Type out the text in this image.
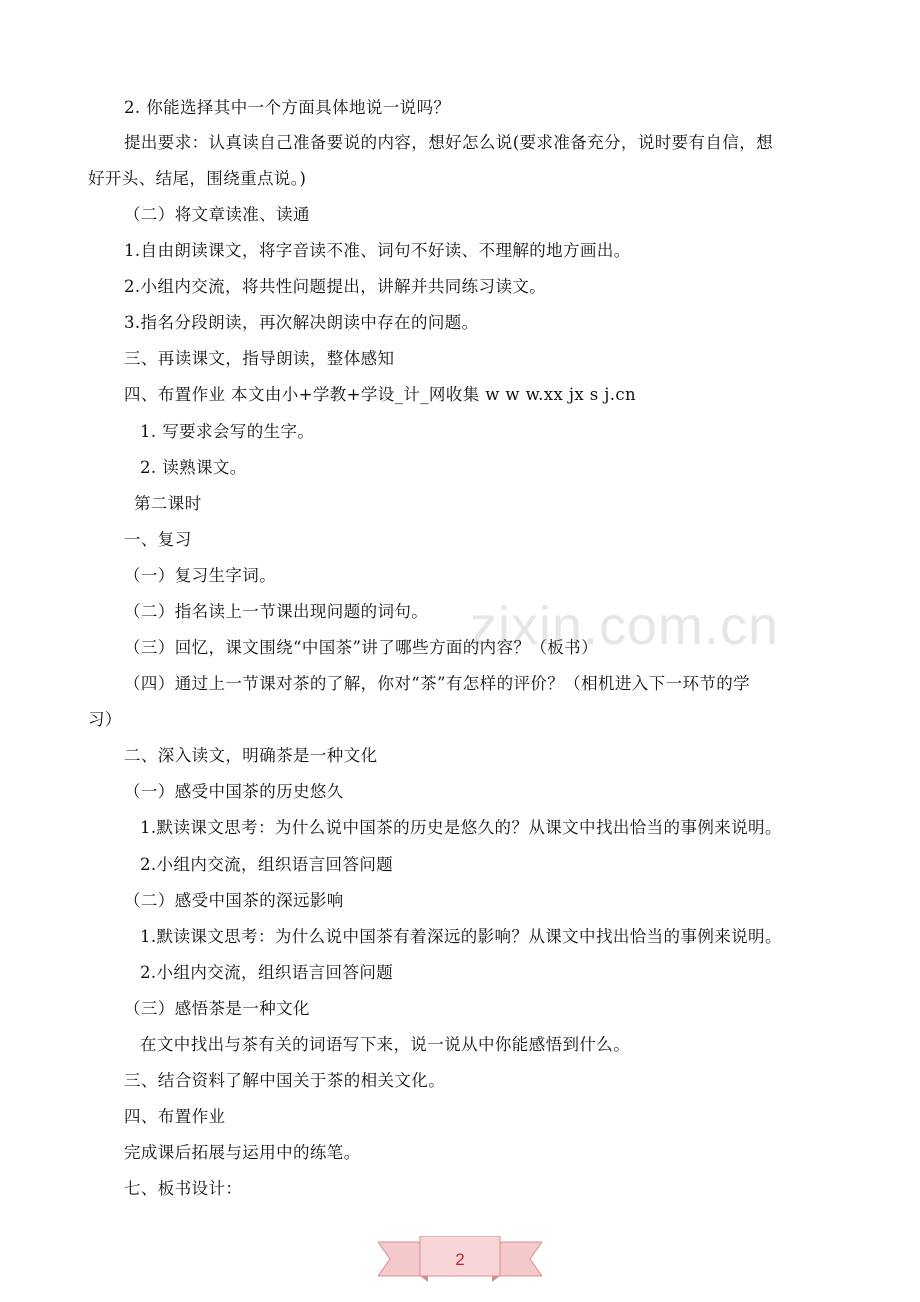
zixin.com.cn
2. 你能选择其中一个方面具体地说一说吗？
提出要求：认真读自己准备要说的内容，想好怎么说(要求准备充分，说时要有自信，想
好开头、结尾，围绕重点说。)
（二）将文章读准、读通
1.自由朗读课文，将字音读不准、词句不好读、不理解的地方画出。
2.小组内交流，将共性问题提出，讲解并共同练习读文。
3.指名分段朗读，再次解决朗读中存在的问题。
三、再读课文，指导朗读，整体感知
四、布置作业 本文由小+学教+学设_计_网收集 w w w.xx jx s j.cn
1. 写要求会写的生字。
2. 读熟课文。
第二课时
一、复习
（一）复习生字词。
（二）指名读上一节课出现问题的词句。
（三）回忆，课文围绕“中国茶”讲了哪些方面的内容？（板书）
（四）通过上一节课对茶的了解，你对“茶”有怎样的评价？（相机进入下一环节的学
习）
二、深入读文，明确茶是一种文化
（一）感受中国茶的历史悠久
1.默读课文思考：为什么说中国茶的历史是悠久的？从课文中找出恰当的事例来说明。
2.小组内交流，组织语言回答问题
（二）感受中国茶的深远影响
1.默读课文思考：为什么说中国茶有着深远的影响？从课文中找出恰当的事例来说明。
2.小组内交流，组织语言回答问题
（三）感悟茶是一种文化
在文中找出与茶有关的词语写下来，说一说从中你能感悟到什么。
三、结合资料了解中国关于茶的相关文化。
四、布置作业
完成课后拓展与运用中的练笔。
七、板书设计：
2
